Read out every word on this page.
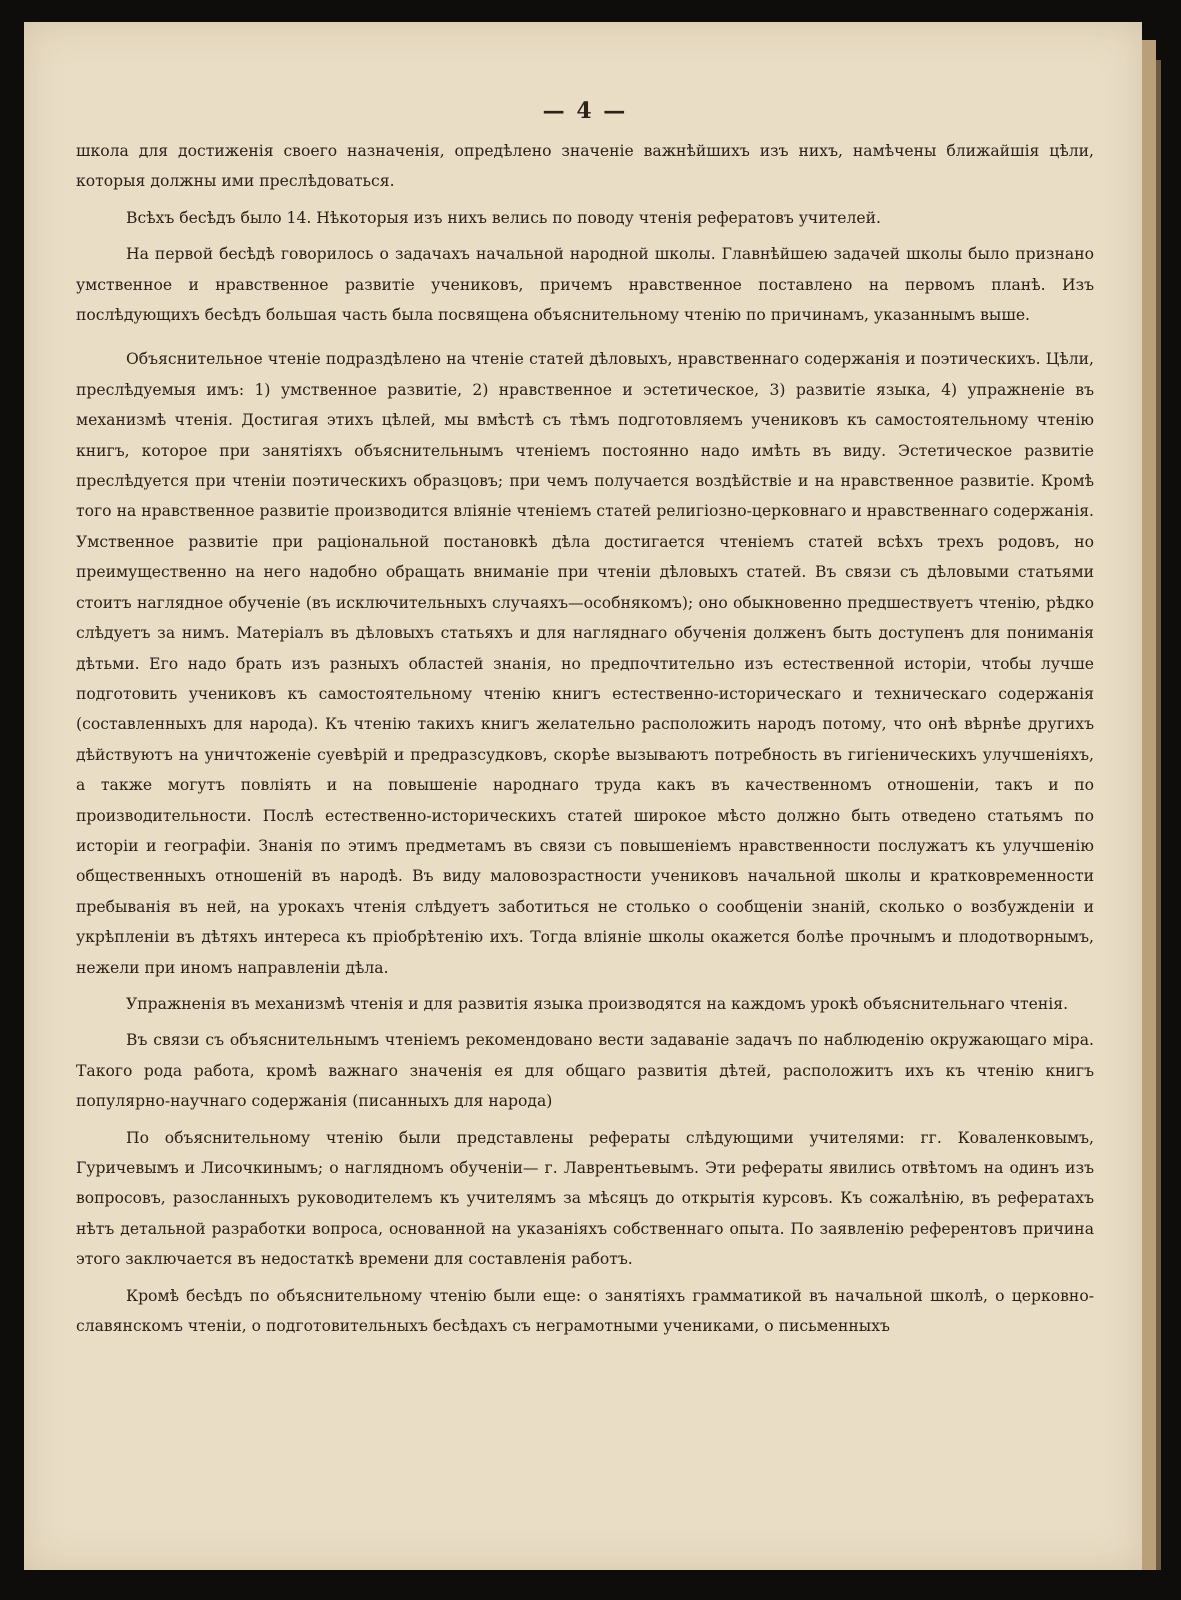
— 4 —

школа для достиженія своего назначенія, опредѣлено значеніе важнѣйшихъ изъ нихъ, намѣчены ближайшія цѣли, которыя должны ими преслѣдоваться.

Всѣхъ бесѣдъ было 14. Нѣкоторыя изъ нихъ велись по поводу чтенія рефератовъ учителей.

На первой бесѣдѣ говорилось о задачахъ начальной народной школы. Главнѣйшею задачей школы было признано умственное и нравственное развитіе учениковъ, причемъ нравственное поставлено на первомъ планѣ. Изъ послѣдующихъ бесѣдъ большая часть была посвящена объяснительному чтенію по причинамъ, указаннымъ выше.

Объяснительное чтеніе подраздѣлено на чтеніе статей дѣловыхъ, нравственнаго содержанія и поэтическихъ. Цѣли, преслѣдуемыя имъ: 1) умственное развитіе, 2) нравственное и эстетическое, 3) развитіе языка, 4) упражненіе въ механизмѣ чтенія. Достигая этихъ цѣлей, мы вмѣстѣ съ тѣмъ подготовляемъ учениковъ къ самостоятельному чтенію книгъ, которое при занятіяхъ объяснительнымъ чтеніемъ постоянно надо имѣть въ виду. Эстетическое развитіе преслѣдуется при чтеніи поэтическихъ образцовъ; при чемъ получается воздѣйствіе и на нравственное развитіе. Кромѣ того на нравственное развитіе производится вліяніе чтеніемъ статей религіозно-церковнаго и нравственнаго содержанія. Умственное развитіе при раціональной постановкѣ дѣла достигается чтеніемъ статей всѣхъ трехъ родовъ, но преимущественно на него надобно обращать вниманіе при чтеніи дѣловыхъ статей. Въ связи съ дѣловыми статьями стоитъ наглядное обученіе (въ исключительныхъ случаяхъ—особнякомъ); оно обыкновенно предшествуетъ чтенію, рѣдко слѣдуетъ за нимъ. Матеріалъ въ дѣловыхъ статьяхъ и для нагляднаго обученія долженъ быть доступенъ для пониманія дѣтьми. Его надо брать изъ разныхъ областей знанія, но предпочтительно изъ естественной исторіи, чтобы лучше подготовить учениковъ къ самостоятельному чтенію книгъ естественно-историческаго и техническаго содержанія (составленныхъ для народа). Къ чтенію такихъ книгъ желательно расположить народъ потому, что онѣ вѣрнѣе другихъ дѣйствуютъ на уничтоженіе суевѣрій и предразсудковъ, скорѣе вызываютъ потребность въ гигіеническихъ улучшеніяхъ, а также могутъ повліять и на повышеніе народнаго труда какъ въ качественномъ отношеніи, такъ и по производительности. Послѣ естественно-историческихъ статей широкое мѣсто должно быть отведено статьямъ по исторіи и географіи. Знанія по этимъ предметамъ въ связи съ повышеніемъ нравственности послужатъ къ улучшенію общественныхъ отношеній въ народѣ. Въ виду маловозрастности учениковъ начальной школы и кратковременности пребыванія въ ней, на урокахъ чтенія слѣдуетъ заботиться не столько о сообщеніи знаній, сколько о возбужденіи и укрѣпленіи въ дѣтяхъ интереса къ пріобрѣтенію ихъ. Тогда вліяніе школы окажется болѣе прочнымъ и плодотворнымъ, нежели при иномъ направленіи дѣла.

Упражненія въ механизмѣ чтенія и для развитія языка производятся на каждомъ урокѣ объяснительнаго чтенія.

Въ связи съ объяснительнымъ чтеніемъ рекомендовано вести задаваніе задачъ по наблюденію окружающаго міра. Такого рода работа, кромѣ важнаго значенія ея для общаго развитія дѣтей, расположитъ ихъ къ чтенію книгъ популярно-научнаго содержанія (писанныхъ для народа)

По объяснительному чтенію были представлены рефераты слѣдующими учителями: гг. Коваленковымъ, Гуричевымъ и Лисочкинымъ; о наглядномъ обученіи— г. Лаврентьевымъ. Эти рефераты явились отвѣтомъ на одинъ изъ вопросовъ, разосланныхъ руководителемъ къ учителямъ за мѣсяцъ до открытія курсовъ. Къ сожалѣнію, въ рефератахъ нѣтъ детальной разработки вопроса, основанной на указаніяхъ собственнаго опыта. По заявленію референтовъ причина этого заключается въ недостаткѣ времени для составленія работъ.

Кромѣ бесѣдъ по объяснительному чтенію были еще: о занятіяхъ грамматикой въ начальной школѣ, о церковно-славянскомъ чтеніи, о подготовительныхъ бесѣдахъ съ неграмотными учениками, о письменныхъ
